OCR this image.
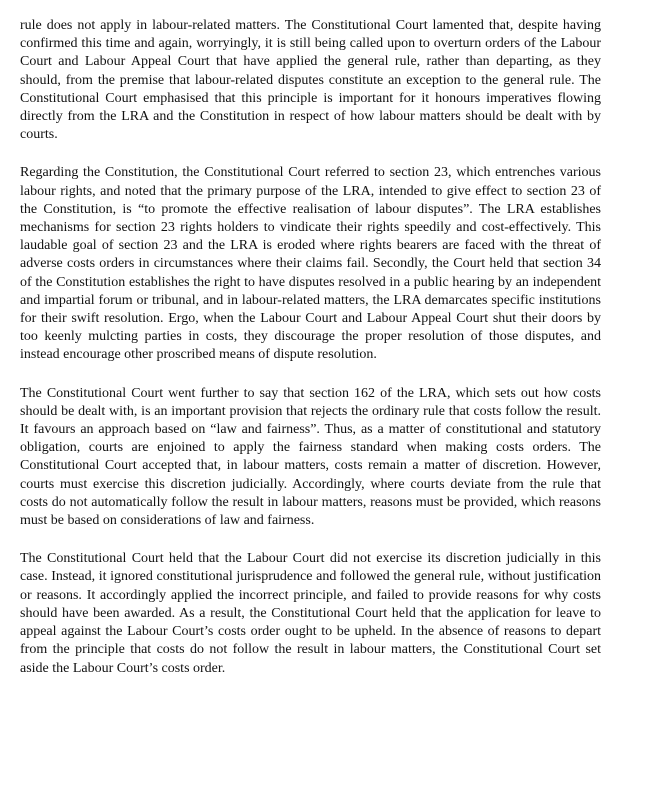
rule does not apply in labour-related matters. The Constitutional Court lamented that, despite having confirmed this time and again, worryingly, it is still being called upon to overturn orders of the Labour Court and Labour Appeal Court that have applied the general rule, rather than departing, as they should, from the premise that labour-related disputes constitute an exception to the general rule. The Constitutional Court emphasised that this principle is important for it honours imperatives flowing directly from the LRA and the Constitution in respect of how labour matters should be dealt with by courts.

Regarding the Constitution, the Constitutional Court referred to section 23, which entrenches various labour rights, and noted that the primary purpose of the LRA, intended to give effect to section 23 of the Constitution, is “to promote the effective realisation of labour disputes”. The LRA establishes mechanisms for section 23 rights holders to vindicate their rights speedily and cost-effectively. This laudable goal of section 23 and the LRA is eroded where rights bearers are faced with the threat of adverse costs orders in circumstances where their claims fail. Secondly, the Court held that section 34 of the Constitution establishes the right to have disputes resolved in a public hearing by an independent and impartial forum or tribunal, and in labour-related matters, the LRA demarcates specific institutions for their swift resolution. Ergo, when the Labour Court and Labour Appeal Court shut their doors by too keenly mulcting parties in costs, they discourage the proper resolution of those disputes, and instead encourage other proscribed means of dispute resolution.

The Constitutional Court went further to say that section 162 of the LRA, which sets out how costs should be dealt with, is an important provision that rejects the ordinary rule that costs follow the result. It favours an approach based on “law and fairness”. Thus, as a matter of constitutional and statutory obligation, courts are enjoined to apply the fairness standard when making costs orders. The Constitutional Court accepted that, in labour matters, costs remain a matter of discretion. However, courts must exercise this discretion judicially. Accordingly, where courts deviate from the rule that costs do not automatically follow the result in labour matters, reasons must be provided, which reasons must be based on considerations of law and fairness.

The Constitutional Court held that the Labour Court did not exercise its discretion judicially in this case. Instead, it ignored constitutional jurisprudence and followed the general rule, without justification or reasons. It accordingly applied the incorrect principle, and failed to provide reasons for why costs should have been awarded. As a result, the Constitutional Court held that the application for leave to appeal against the Labour Court’s costs order ought to be upheld. In the absence of reasons to depart from the principle that costs do not follow the result in labour matters, the Constitutional Court set aside the Labour Court’s costs order.
